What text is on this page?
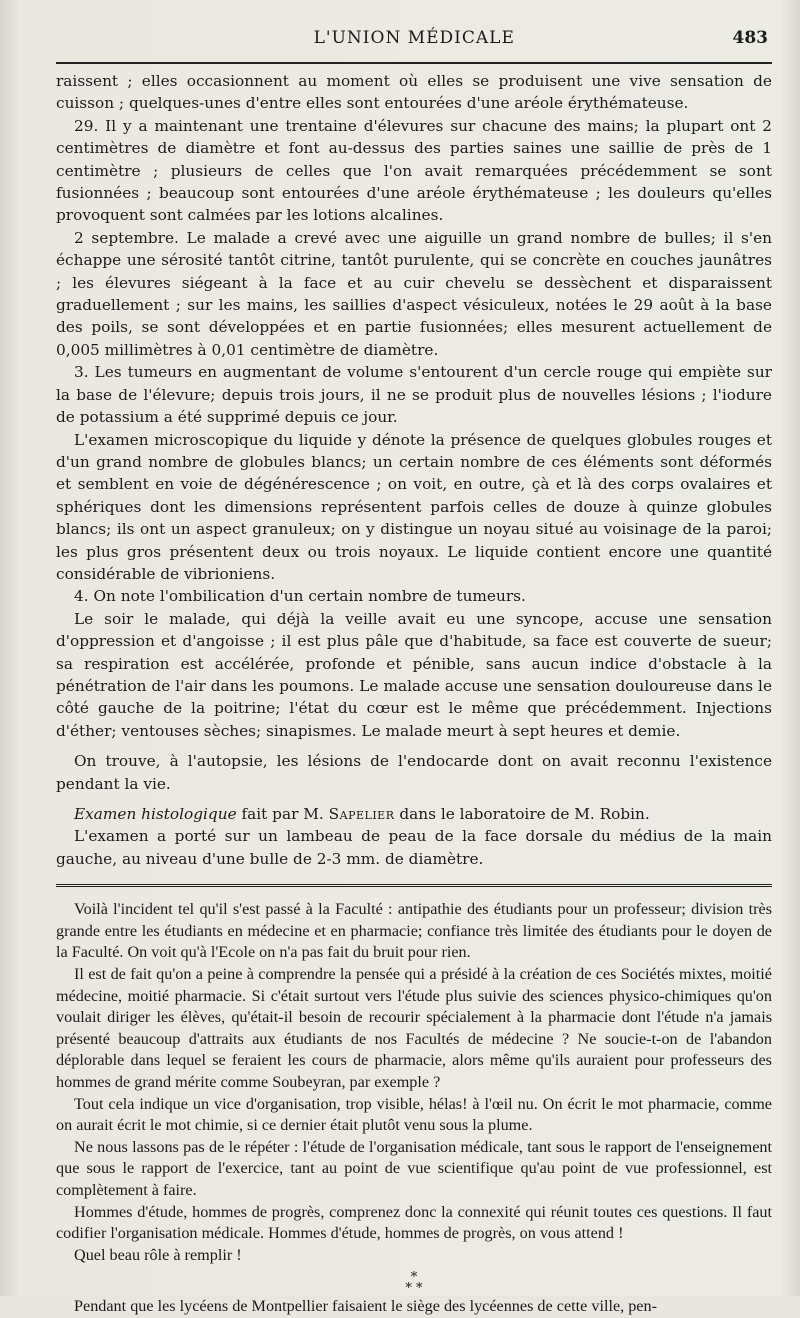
L'UNION MÉDICALE	483

raissent ; elles occasionnent au moment où elles se produisent une vive sensation de cuisson ; quelques-unes d'entre elles sont entourées d'une aréole érythémateuse.

29. Il y a maintenant une trentaine d'élevures sur chacune des mains; la plupart ont 2 centimètres de diamètre et font au-dessus des parties saines une saillie de près de 1 centimètre ; plusieurs de celles que l'on avait remarquées précédemment se sont fusionnées ; beaucoup sont entourées d'une aréole érythémateuse ; les douleurs qu'elles provoquent sont calmées par les lotions alcalines.

2 septembre. Le malade a crevé avec une aiguille un grand nombre de bulles; il s'en échappe une sérosité tantôt citrine, tantôt purulente, qui se concrète en couches jaunâtres ; les élevures siégeant à la face et au cuir chevelu se dessèchent et disparaissent graduellement ; sur les mains, les saillies d'aspect vésiculeux, notées le 29 août à la base des poils, se sont développées et en partie fusionnées; elles mesurent actuellement de 0,005 millimètres à 0,01 centimètre de diamètre.

3. Les tumeurs en augmentant de volume s'entourent d'un cercle rouge qui empiète sur la base de l'élevure; depuis trois jours, il ne se produit plus de nouvelles lésions ; l'iodure de potassium a été supprimé depuis ce jour.

L'examen microscopique du liquide y dénote la présence de quelques globules rouges et d'un grand nombre de globules blancs; un certain nombre de ces éléments sont déformés et semblent en voie de dégénérescence ; on voit, en outre, çà et là des corps ovalaires et sphériques dont les dimensions représentent parfois celles de douze à quinze globules blancs; ils ont un aspect granuleux; on y distingue un noyau situé au voisinage de la paroi; les plus gros présentent deux ou trois noyaux. Le liquide contient encore une quantité considérable de vibrioniens.

4. On note l'ombilication d'un certain nombre de tumeurs.

Le soir le malade, qui déjà la veille avait eu une syncope, accuse une sensation d'oppression et d'angoisse ; il est plus pâle que d'habitude, sa face est couverte de sueur; sa respiration est accélérée, profonde et pénible, sans aucun indice d'obstacle à la pénétration de l'air dans les poumons. Le malade accuse une sensation douloureuse dans le côté gauche de la poitrine; l'état du cœur est le même que précédemment. Injections d'éther; ventouses sèches; sinapismes. Le malade meurt à sept heures et demie.

On trouve, à l'autopsie, les lésions de l'endocarde dont on avait reconnu l'existence pendant la vie.

Examen histologique fait par M. Sapelier dans le laboratoire de M. Robin.

L'examen a porté sur un lambeau de peau de la face dorsale du médius de la main gauche, au niveau d'une bulle de 2-3 mm. de diamètre.

Voilà l'incident tel qu'il s'est passé à la Faculté : antipathie des étudiants pour un professeur; division très grande entre les étudiants en médecine et en pharmacie; confiance très limitée des étudiants pour le doyen de la Faculté. On voit qu'à l'Ecole on n'a pas fait du bruit pour rien.

Il est de fait qu'on a peine à comprendre la pensée qui a présidé à la création de ces Sociétés mixtes, moitié médecine, moitié pharmacie. Si c'était surtout vers l'étude plus suivie des sciences physico-chimiques qu'on voulait diriger les élèves, qu'était-il besoin de recourir spécialement à la pharmacie dont l'étude n'a jamais présenté beaucoup d'attraits aux étudiants de nos Facultés de médecine ? Ne soucie-t-on de l'abandon déplorable dans lequel se feraient les cours de pharmacie, alors même qu'ils auraient pour professeurs des hommes de grand mérite comme Soubeyran, par exemple ?

Tout cela indique un vice d'organisation, trop visible, hélas! à l'œil nu. On écrit le mot pharmacie, comme on aurait écrit le mot chimie, si ce dernier était plutôt venu sous la plume.

Ne nous lassons pas de le répéter : l'étude de l'organisation médicale, tant sous le rapport de l'enseignement que sous le rapport de l'exercice, tant au point de vue scientifique qu'au point de vue professionnel, est complètement à faire.

Hommes d'étude, hommes de progrès, comprenez donc la connexité qui réunit toutes ces questions. Il faut codifier l'organisation médicale. Hommes d'étude, hommes de progrès, on vous attend !

Quel beau rôle à remplir !

*
* *

Pendant que les lycéens de Montpellier faisaient le siège des lycéennes de cette ville, pen-
